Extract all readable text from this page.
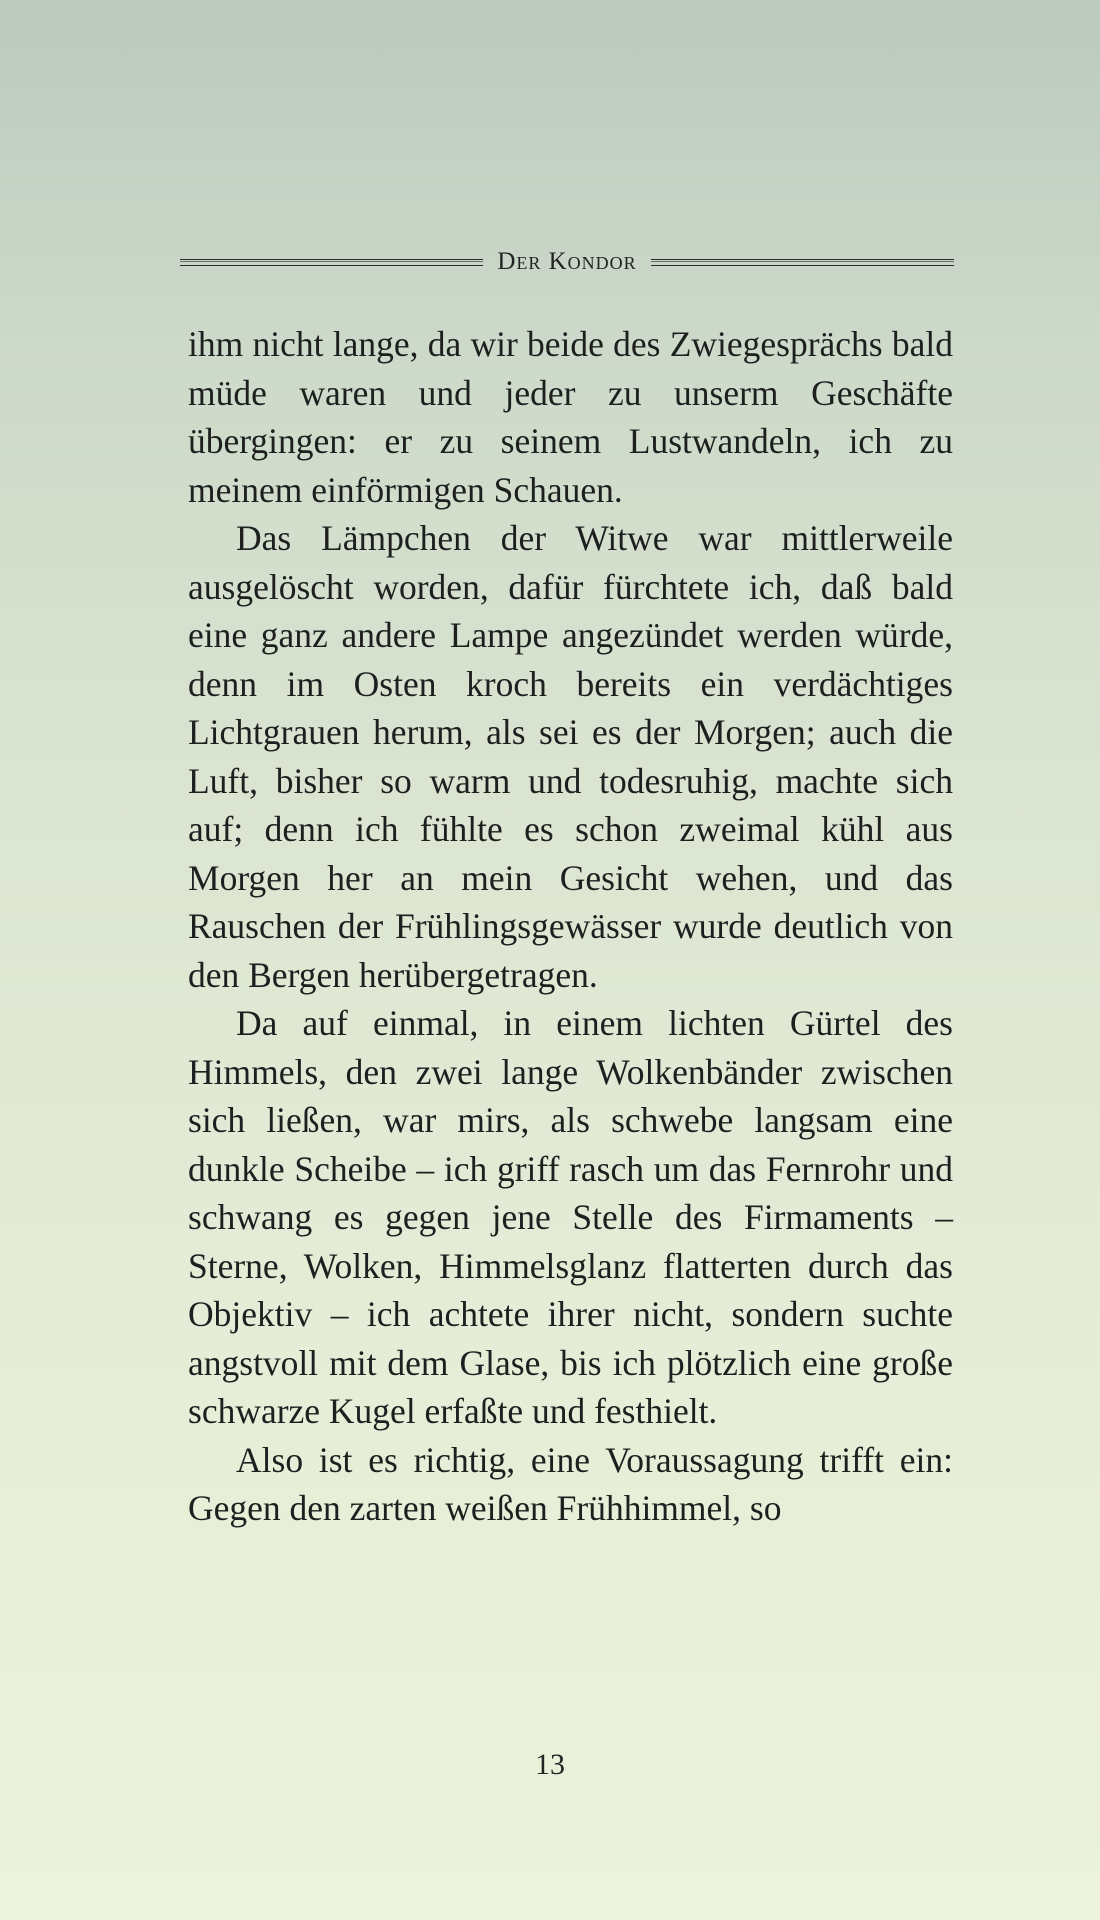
Der Kondor

ihm nicht lange, da wir beide des Zwiegesprächs bald müde waren und jeder zu unserm Geschäfte übergingen: er zu seinem Lustwandeln, ich zu meinem einförmigen Schauen.

Das Lämpchen der Witwe war mittlerweile ausgelöscht worden, dafür fürchtete ich, daß bald eine ganz andere Lampe angezündet werden würde, denn im Osten kroch bereits ein verdächtiges Lichtgrauen herum, als sei es der Morgen; auch die Luft, bisher so warm und todesruhig, machte sich auf; denn ich fühlte es schon zweimal kühl aus Morgen her an mein Gesicht wehen, und das Rauschen der Frühlingsgewässer wurde deutlich von den Bergen herübergetragen.

Da auf einmal, in einem lichten Gürtel des Himmels, den zwei lange Wolkenbänder zwischen sich ließen, war mirs, als schwebe langsam eine dunkle Scheibe – ich griff rasch um das Fernrohr und schwang es gegen jene Stelle des Firmaments – Sterne, Wolken, Himmelsglanz flatterten durch das Objektiv – ich achtete ihrer nicht, sondern suchte angstvoll mit dem Glase, bis ich plötzlich eine große schwarze Kugel erfaßte und festhielt.

Also ist es richtig, eine Voraussagung trifft ein: Gegen den zarten weißen Frühhimmel, so

13
